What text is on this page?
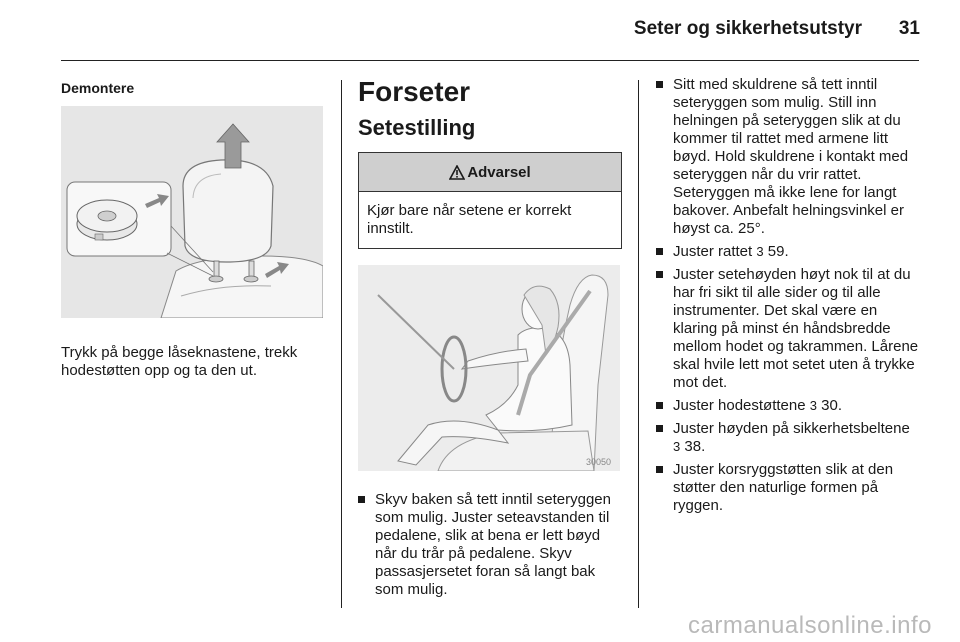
Seter og sikkerhetsutstyr 31
Demontere
Trykk på begge låseknastene, trekk hodestøtten opp og ta den ut.
Forseter
Setestilling
Advarsel
Kjør bare når setene er korrekt innstilt.
30050
Skyv baken så tett inntil seteryggen som mulig. Juster seteavstanden til pedalene, slik at bena er lett bøyd når du trår på pedalene. Skyv passasjersetet foran så langt bak som mulig.
Sitt med skuldrene så tett inntil seteryggen som mulig. Still inn helningen på seteryggen slik at du kommer til rattet med armene litt bøyd. Hold skuldrene i kontakt med seteryggen når du vrir rattet. Seteryggen må ikke lene for langt bakover. Anbefalt helningsvinkel er høyst ca. 25°.
Juster rattet 3 59.
Juster setehøyden høyt nok til at du har fri sikt til alle sider og til alle instrumenter. Det skal være en klaring på minst én håndsbredde mellom hodet og takrammen. Lårene skal hvile lett mot setet uten å trykke mot det.
Juster hodestøttene 3 30.
Juster høyden på sikkerhetsbeltene 3 38.
Juster korsryggstøtten slik at den støtter den naturlige formen på ryggen.
carmanualsonline.info
